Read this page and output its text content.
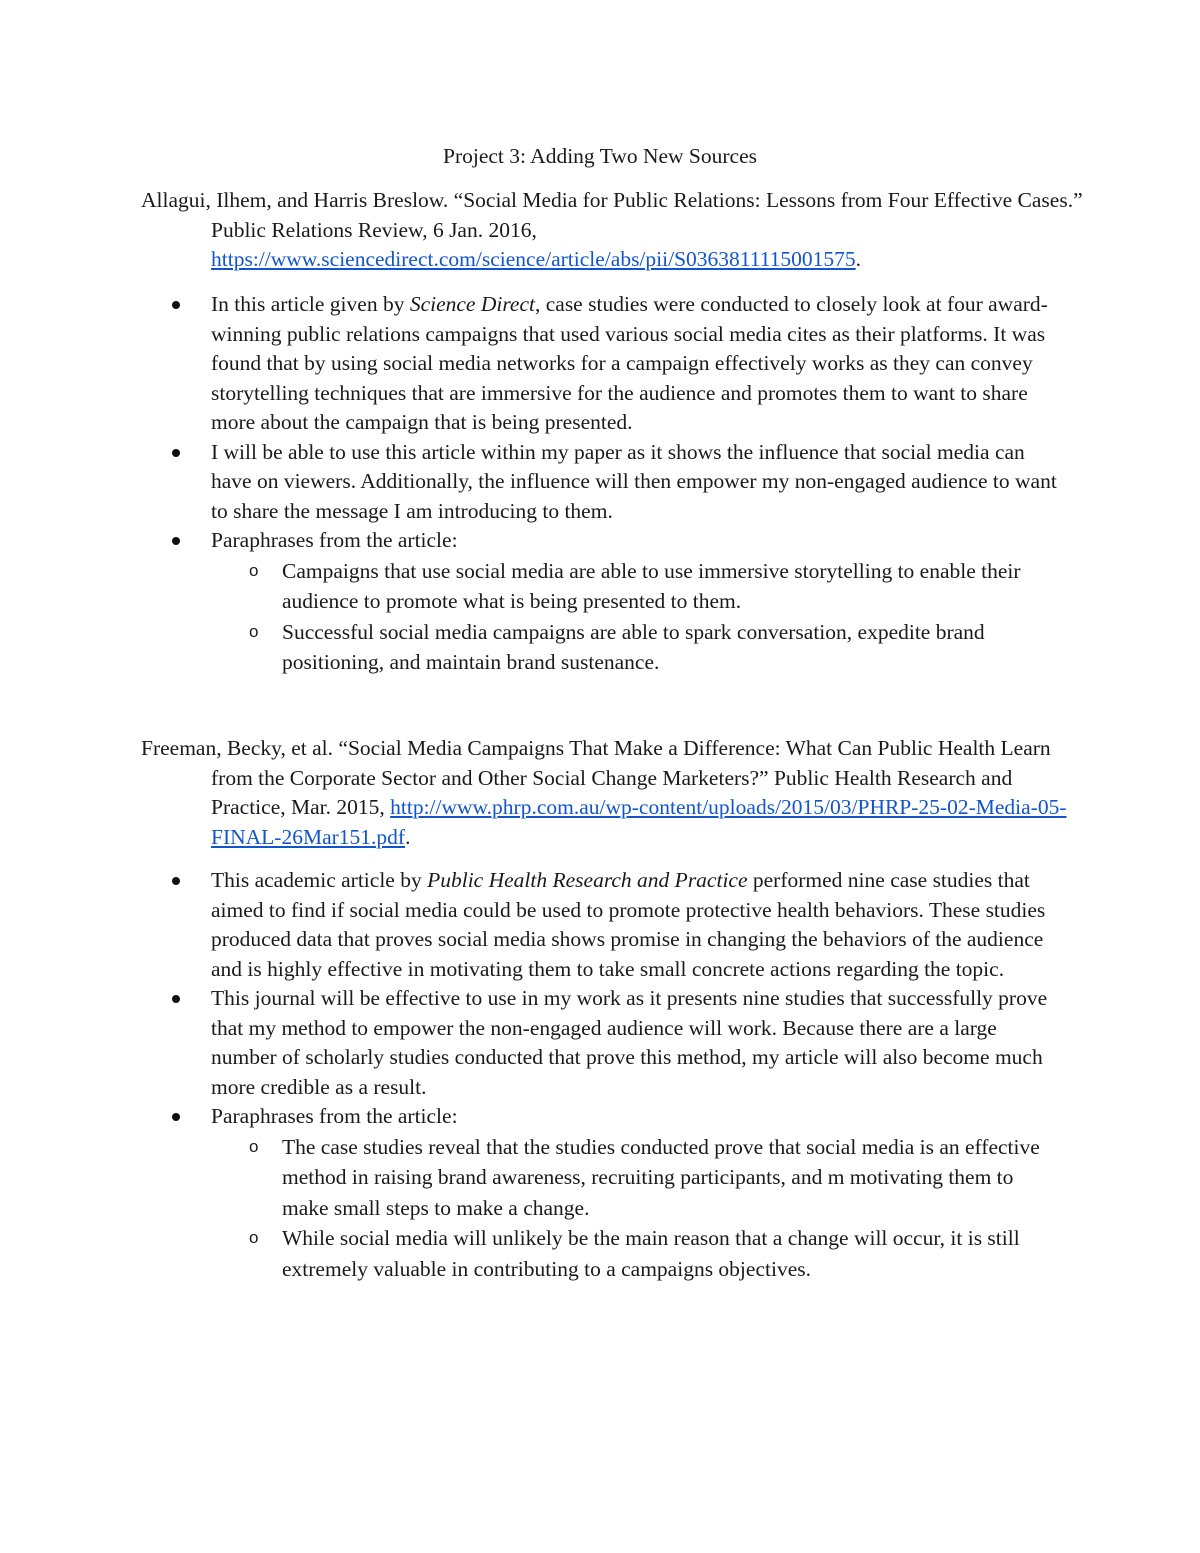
Project 3: Adding Two New Sources

Allagui, Ilhem, and Harris Breslow. “Social Media for Public Relations: Lessons from Four Effective Cases.” Public Relations Review, 6 Jan. 2016, https://www.sciencedirect.com/science/article/abs/pii/S0363811115001575.

In this article given by Science Direct, case studies were conducted to closely look at four award-winning public relations campaigns that used various social media cites as their platforms. It was found that by using social media networks for a campaign effectively works as they can convey storytelling techniques that are immersive for the audience and promotes them to want to share more about the campaign that is being presented.
I will be able to use this article within my paper as it shows the influence that social media can have on viewers. Additionally, the influence will then empower my non-engaged audience to want to share the message I am introducing to them.
Paraphrases from the article:
o Campaigns that use social media are able to use immersive storytelling to enable their audience to promote what is being presented to them.
o Successful social media campaigns are able to spark conversation, expedite brand positioning, and maintain brand sustenance.

Freeman, Becky, et al. “Social Media Campaigns That Make a Difference: What Can Public Health Learn from the Corporate Sector and Other Social Change Marketers?” Public Health Research and Practice, Mar. 2015, http://www.phrp.com.au/wp-content/uploads/2015/03/PHRP-25-02-Media-05-FINAL-26Mar151.pdf.

This academic article by Public Health Research and Practice performed nine case studies that aimed to find if social media could be used to promote protective health behaviors. These studies produced data that proves social media shows promise in changing the behaviors of the audience and is highly effective in motivating them to take small concrete actions regarding the topic.
This journal will be effective to use in my work as it presents nine studies that successfully prove that my method to empower the non-engaged audience will work. Because there are a large number of scholarly studies conducted that prove this method, my article will also become much more credible as a result.
Paraphrases from the article:
o The case studies reveal that the studies conducted prove that social media is an effective method in raising brand awareness, recruiting participants, and m motivating them to make small steps to make a change.
o While social media will unlikely be the main reason that a change will occur, it is still extremely valuable in contributing to a campaigns objectives.
